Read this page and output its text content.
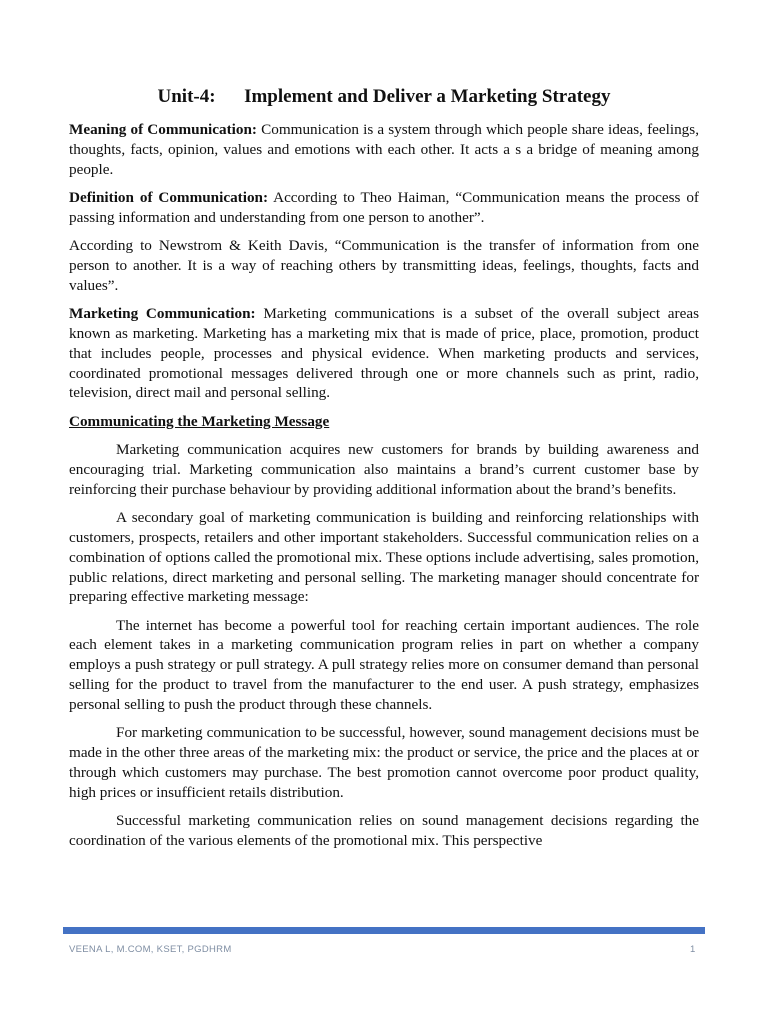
Unit-4:      Implement and Deliver a Marketing Strategy

Meaning of Communication: Communication is a system through which people share ideas, feelings, thoughts, facts, opinion, values and emotions with each other. It acts a s a bridge of meaning among people.

Definition of Communication: According to Theo Haiman, “Communication means the process of passing information and understanding from one person to another”.

According to Newstrom & Keith Davis, “Communication is the transfer of information from one person to another. It is a way of reaching others by transmitting ideas, feelings, thoughts, facts and values”.

Marketing Communication: Marketing communications is a subset of the overall subject areas known as marketing. Marketing has a marketing mix that is made of price, place, promotion, product that includes people, processes and physical evidence. When marketing products and services, coordinated promotional messages delivered through one or more channels such as print, radio, television, direct mail and personal selling.

Communicating the Marketing Message

Marketing communication acquires new customers for brands by building awareness and encouraging trial. Marketing communication also maintains a brand’s current customer base by reinforcing their purchase behaviour by providing additional information about the brand’s benefits.

A secondary goal of marketing communication is building and reinforcing relationships with customers, prospects, retailers and other important stakeholders. Successful communication relies on a combination of options called the promotional mix. These options include advertising, sales promotion, public relations, direct marketing and personal selling. The marketing manager should concentrate for preparing effective marketing message:

The internet has become a powerful tool for reaching certain important audiences. The role each element takes in a marketing communication program relies in part on whether a company employs a push strategy or pull strategy. A pull strategy relies more on consumer demand than personal selling for the product to travel from the manufacturer to the end user. A push strategy, emphasizes personal selling to push the product through these channels.

For marketing communication to be successful, however, sound management decisions must be made in the other three areas of the marketing mix: the product or service, the price and the places at or through which customers may purchase. The best promotion cannot overcome poor product quality, high prices or insufficient retails distribution.

Successful marketing communication relies on sound management decisions regarding the coordination of the various elements of the promotional mix. This perspective

VEENA L, M.COM, KSET, PGDHRM	1
